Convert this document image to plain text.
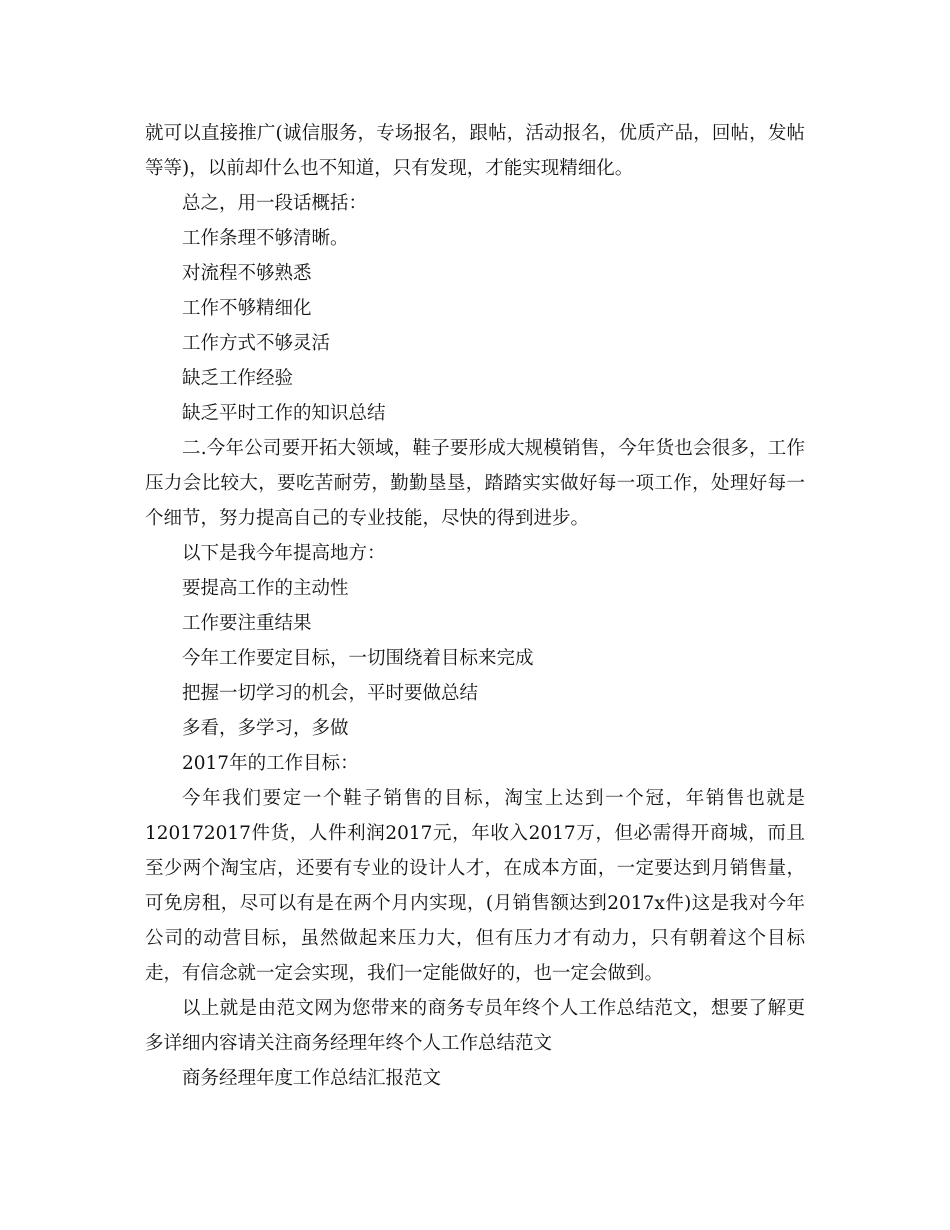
就可以直接推广(诚信服务，专场报名，跟帖，活动报名，优质产品，回帖，发帖等等)，以前却什么也不知道，只有发现，才能实现精细化。

总之，用一段话概括：

工作条理不够清晰。

对流程不够熟悉

工作不够精细化

工作方式不够灵活

缺乏工作经验

缺乏平时工作的知识总结

二.今年公司要开拓大领域，鞋子要形成大规模销售，今年货也会很多，工作压力会比较大，要吃苦耐劳，勤勤垦垦，踏踏实实做好每一项工作，处理好每一个细节，努力提高自己的专业技能，尽快的得到进步。

以下是我今年提高地方：

要提高工作的主动性

工作要注重结果

今年工作要定目标，一切围绕着目标来完成

把握一切学习的机会，平时要做总结

多看，多学习，多做

2017年的工作目标：

今年我们要定一个鞋子销售的目标，淘宝上达到一个冠，年销售也就是120172017件货，人件利润2017元，年收入2017万，但必需得开商城，而且至少两个淘宝店，还要有专业的设计人才，在成本方面，一定要达到月销售量，可免房租，尽可以有是在两个月内实现，(月销售额达到2017x件)这是我对今年公司的动营目标，虽然做起来压力大，但有压力才有动力，只有朝着这个目标走，有信念就一定会实现，我们一定能做好的，也一定会做到。

以上就是由范文网为您带来的商务专员年终个人工作总结范文，想要了解更多详细内容请关注商务经理年终个人工作总结范文

商务经理年度工作总结汇报范文
